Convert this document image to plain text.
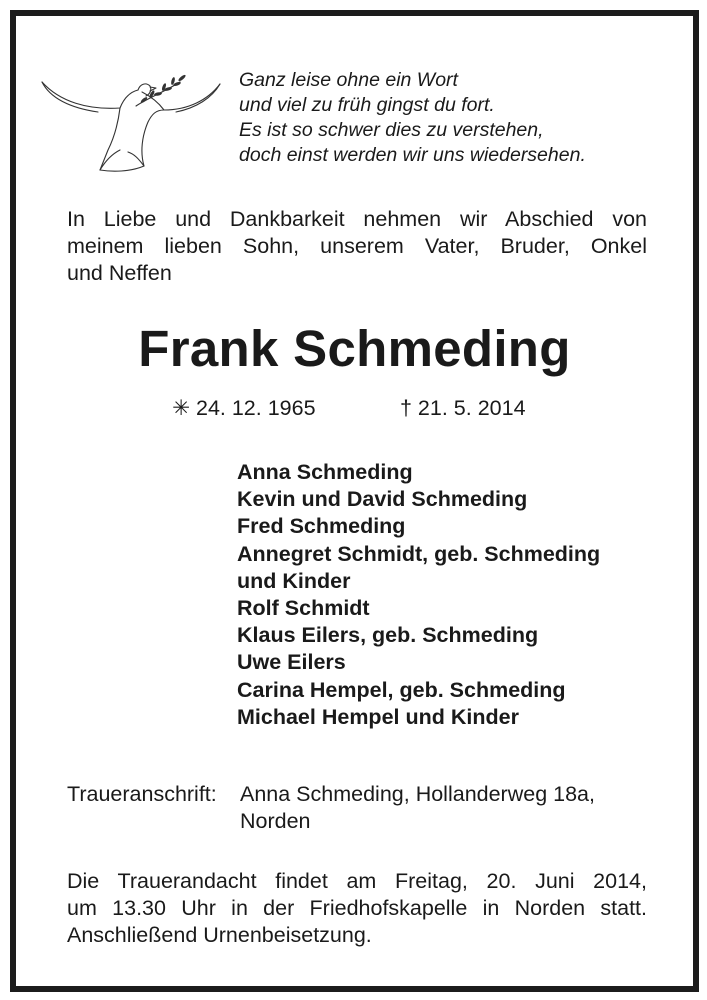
Ganz leise ohne ein Wort
und viel zu früh gingst du fort.
Es ist so schwer dies zu verstehen,
doch einst werden wir uns wiedersehen.
In Liebe und Dankbarkeit nehmen wir Abschied von
meinem lieben Sohn, unserem Vater, Bruder, Onkel
und Neffen
Frank Schmeding
✳ 24. 12. 1965	† 21. 5. 2014
Anna Schmeding
Kevin und David Schmeding
Fred Schmeding
Annegret Schmidt, geb. Schmeding
und Kinder
Rolf Schmidt
Klaus Eilers, geb. Schmeding
Uwe Eilers
Carina Hempel, geb. Schmeding
Michael Hempel und Kinder
Traueranschrift: Anna Schmeding, Hollanderweg 18a,
Norden
Die Trauerandacht findet am Freitag, 20. Juni 2014,
um 13.30 Uhr in der Friedhofskapelle in Norden statt.
Anschließend Urnenbeisetzung.
